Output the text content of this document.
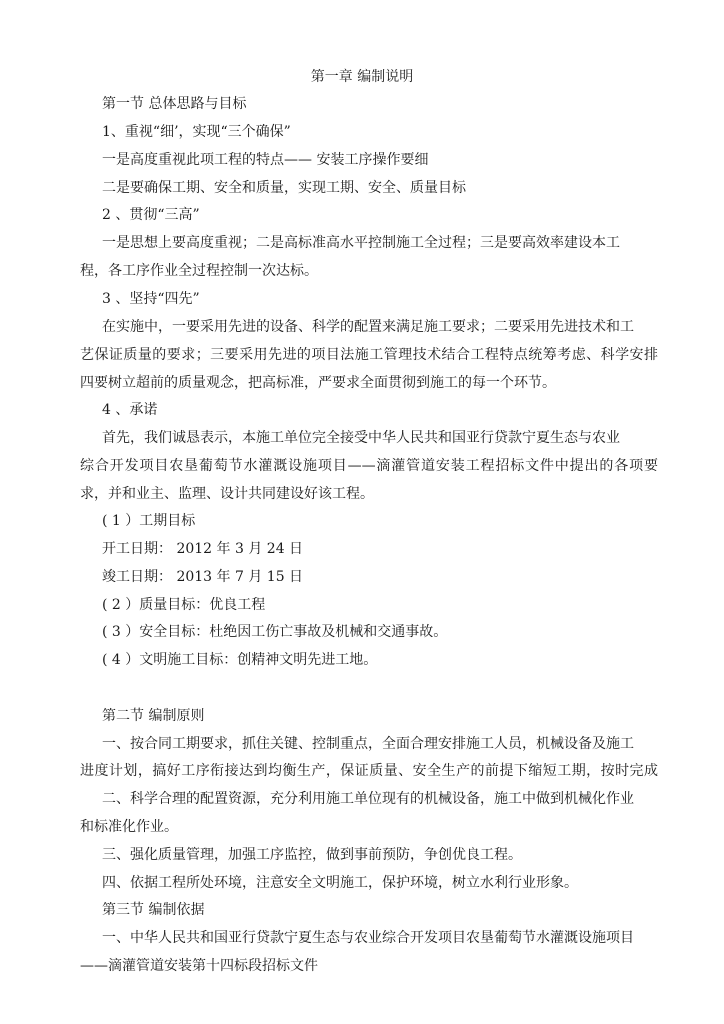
第一章 编制说明
第一节 总体思路与目标
1、重视“细’，实现“三个确保”
一是高度重视此项工程的特点—— 安装工序操作要细
二是要确保工期、安全和质量，实现工期、安全、质量目标
2 、贯彻“三高”
一是思想上要高度重视；二是高标准高水平控制施工全过程；三是要高效率建设本工
程，各工序作业全过程控制一次达标。
3 、坚持“四先”
在实施中，一要采用先进的设备、科学的配置来满足施工要求；二要采用先进技术和工
艺保证质量的要求；三要采用先进的项目法施工管理技术结合工程特点统筹考虑、科学安排
四要树立超前的质量观念，把高标准，严要求全面贯彻到施工的每一个环节。
4 、承诺
首先，我们诚恳表示，本施工单位完全接受中华人民共和国亚行贷款宁夏生态与农业
综合开发项目农垦葡萄节水灌溉设施项目——滴灌管道安装工程招标文件中提出的各项要
求，并和业主、监理、设计共同建设好该工程。
( 1 ）工期目标
开工日期： 2012 年 3 月 24 日
竣工日期： 2013 年 7 月 15 日
( 2 ）质量目标：优良工程
( 3 ）安全目标：杜绝因工伤亡事故及机械和交通事故。
( 4 ）文明施工目标：创精神文明先进工地。
第二节 编制原则
一、按合同工期要求，抓住关键、控制重点，全面合理安排施工人员，机械设备及施工
进度计划，搞好工序衔接达到均衡生产，保证质量、安全生产的前提下缩短工期，按时完成
二、科学合理的配置资源，充分利用施工单位现有的机械设备，施工中做到机械化作业
和标准化作业。
三、强化质量管理，加强工序监控，做到事前预防，争创优良工程。
四、依据工程所处环境，注意安全文明施工，保护环境，树立水利行业形象。
第三节 编制依据
一、中华人民共和国亚行贷款宁夏生态与农业综合开发项目农垦葡萄节水灌溉设施项目
——滴灌管道安装第十四标段招标文件
